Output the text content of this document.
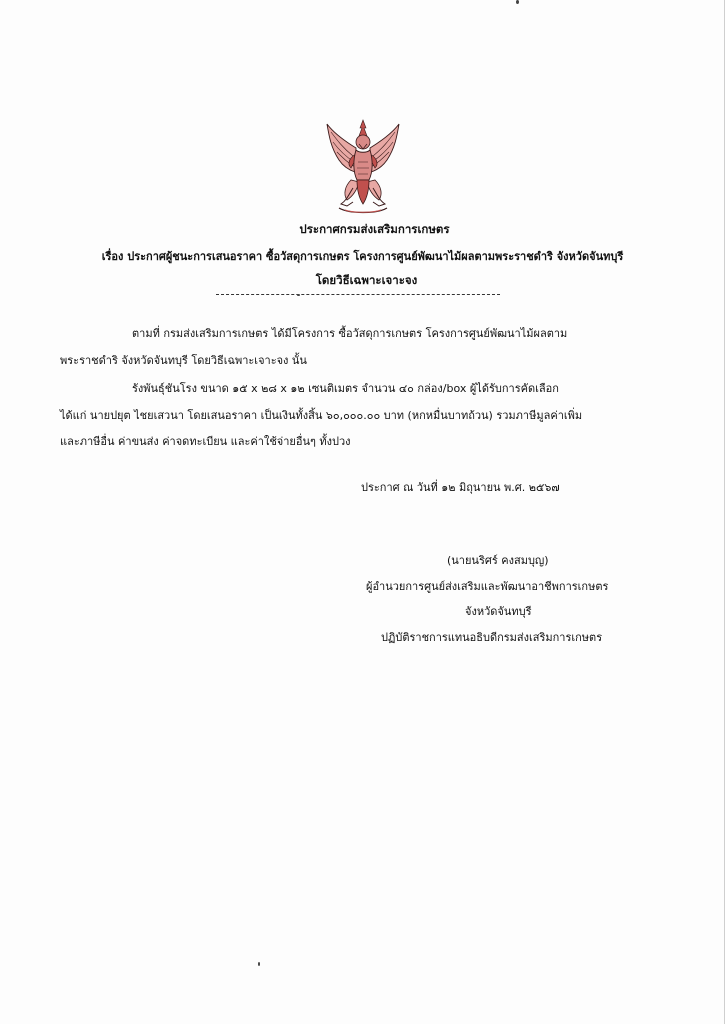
ประกาศกรมส่งเสริมการเกษตร
เรื่อง ประกาศผู้ชนะการเสนอราคา ซื้อวัสดุการเกษตร โครงการศูนย์พัฒนาไม้ผลตามพระราชดำริ จังหวัดจันทบุรี
โดยวิธีเฉพาะเจาะจง
ตามที่ กรมส่งเสริมการเกษตร ได้มีโครงการ ซื้อวัสดุการเกษตร โครงการศูนย์พัฒนาไม้ผลตาม
พระราชดำริ จังหวัดจันทบุรี โดยวิธีเฉพาะเจาะจง นั้น
รังพันธุ์ชันโรง ขนาด ๑๕ x ๒๘ x ๑๒ เซนติเมตร จำนวน ๔๐ กล่อง/box ผู้ได้รับการคัดเลือก
ได้แก่ นายปยุต ไชยเสวนา โดยเสนอราคา เป็นเงินทั้งสิ้น ๖๐,๐๐๐.๐๐ บาท (หกหมื่นบาทถ้วน) รวมภาษีมูลค่าเพิ่ม
และภาษีอื่น ค่าขนส่ง ค่าจดทะเบียน และค่าใช้จ่ายอื่นๆ ทั้งปวง
ประกาศ ณ วันที่ ๑๒ มิถุนายน พ.ศ. ๒๕๖๗
(นายนริศร์ คงสมบุญ)
ผู้อำนวยการศูนย์ส่งเสริมและพัฒนาอาชีพการเกษตร
จังหวัดจันทบุรี
ปฏิบัติราชการแทนอธิบดีกรมส่งเสริมการเกษตร
